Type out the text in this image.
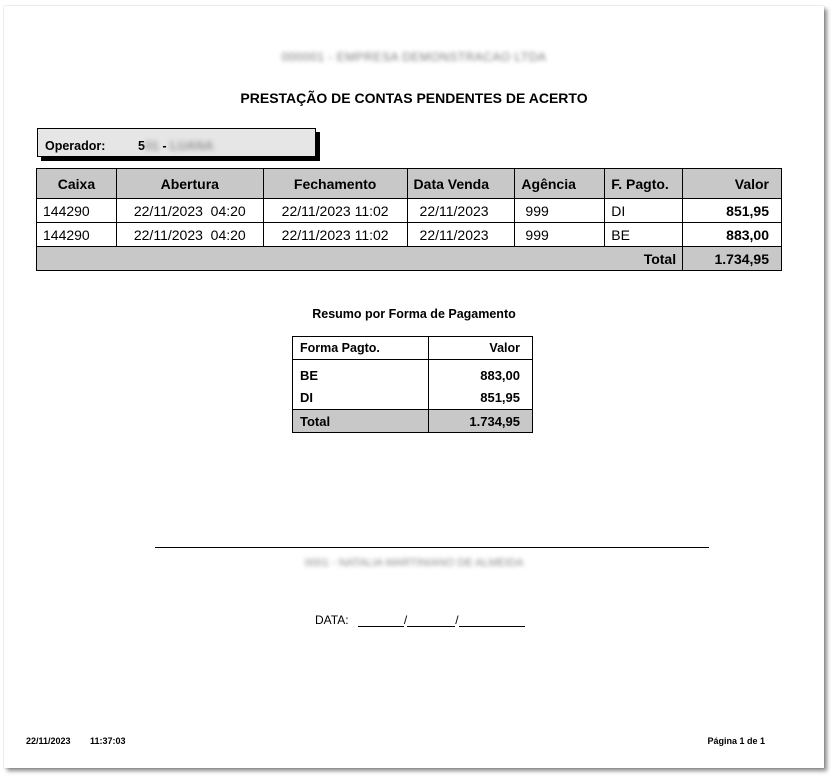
000001 - EMPRESA DEMONSTRACAO LTDA
PRESTAÇÃO DE CONTAS PENDENTES DE ACERTO
Operador:	501 - LUANA
Caixa	Abertura	Fechamento	Data Venda	Agência	F. Pagto.	Valor
144290	22/11/2023  04:20	22/11/2023 11:02	22/11/2023	999	DI	851,95
144290	22/11/2023  04:20	22/11/2023 11:02	22/11/2023	999	BE	883,00
Total						1.734,95
Resumo por Forma de Pagamento
Forma Pagto.	Valor
BE	883,00
DI	851,95
Total	1.734,95
0001 - NATALIA MARTINIANO DE ALMEIDA
DATA:	/	/
22/11/2023 11:37:03	Página 1 de 1
